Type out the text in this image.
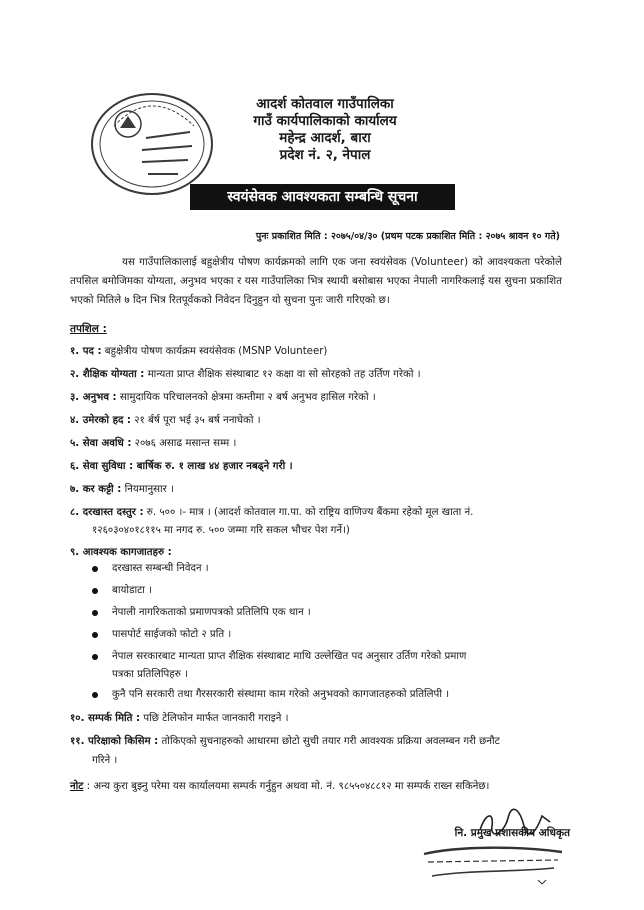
आदर्श कोतवाल गाउँपालिका
गाउँ कार्यपालिकाको कार्यालय
महेन्द्र आदर्श, बारा
प्रदेश नं. २, नेपाल
स्वयंसेवक आवश्यकता सम्बन्धि सूचना
पुनः प्रकाशित मिति : २०७५/०४/३० (प्रथम पटक प्रकाशित मिति : २०७५ श्रावन १० गते)
यस गाउँपालिकालाई बहुक्षेत्रीय पोषण कार्यक्रमको लागि एक जना स्वयंसेवक (Volunteer) को आवश्यकता परेकोले तपसिल बमोजिमका योग्यता, अनुभव भएका र यस गाउँपालिका भित्र स्थायी बसोबास भएका नेपाली नागरिकलाई यस सुचना प्रकाशित भएको मितिले ७ दिन भित्र रितपूर्वकको निवेदन दिनुहुन यो सुचना पुनः जारी गरिएको छ।
तपशिल :
१. पद : बहुक्षेत्रीय पोषण कार्यक्रम स्वयंसेवक (MSNP Volunteer)
२. शैक्षिक योग्यता : मान्यता प्राप्त शैक्षिक संस्थाबाट १२ कक्षा वा सो सोरहको तह उर्तिण गरेको ।
३. अनुभव : सामुदायिक परिचालनको क्षेत्रमा कम्तीमा २ बर्ष अनुभव हासिल गरेको ।
४. उमेरको हद : २१ र्बर्ष पूरा भई ३५ बर्ष ननाघेको ।
५. सेवा अवधि : २०७६ असाढ मसान्त सम्म ।
६. सेवा सुविधा : बार्षिक रु. १ लाख ४४ हजार नबढ्ने गरी ।
७. कर कट्टी : नियमानुसार ।
८. दरखास्त दस्तुर : रु. ५०० ।- मात्र । (आदर्श कोतवाल गा.पा. को राष्ट्रिय वाणिज्य बैंकमा रहेको मूल खाता नं.
१२६०३०४०१८११५ मा नगद रु. ५०० जम्मा गरि सकल भौचर पेश गर्ने।)
९. आवश्यक कागजातहरु :
दरखास्त सम्बन्धी निवेदन ।
बायोडाटा ।
नेपाली नागरिकताको प्रमाणपत्रको प्रतिलिपि एक थान ।
पासपोर्ट साईजको फोटो २ प्रति ।
नेपाल सरकारबाट मान्यता प्राप्त शैक्षिक संस्थाबाट माथि उल्लेखित पद अनुसार उर्तिण गरेको प्रमाण
पत्रका प्रतिलिपिहरु ।
कुनै पनि सरकारी तथा गैरसरकारी संस्थामा काम गरेको अनुभवको कागजातहरुको प्रतिलिपी ।
१०. सम्पर्क मिति : पछि टेलिफोन मार्फत जानकारी गराइने ।
११. परिक्षाको किसिम : तोकिएको सुचनाहरुको आधारमा छोटो सुची तयार गरी आवश्यक प्रक्रिया अवलम्बन गरी छनौट
गरिने ।
नोट : अन्य कुरा बुझ्नु परेमा यस कार्यालयमा सम्पर्क गर्नुहुन अथवा मो. नं. ९८५५०४८८१२ मा सम्पर्क राख्न सकिनेछ।
नि. प्रमुख प्रशासकीय अधिकृत
